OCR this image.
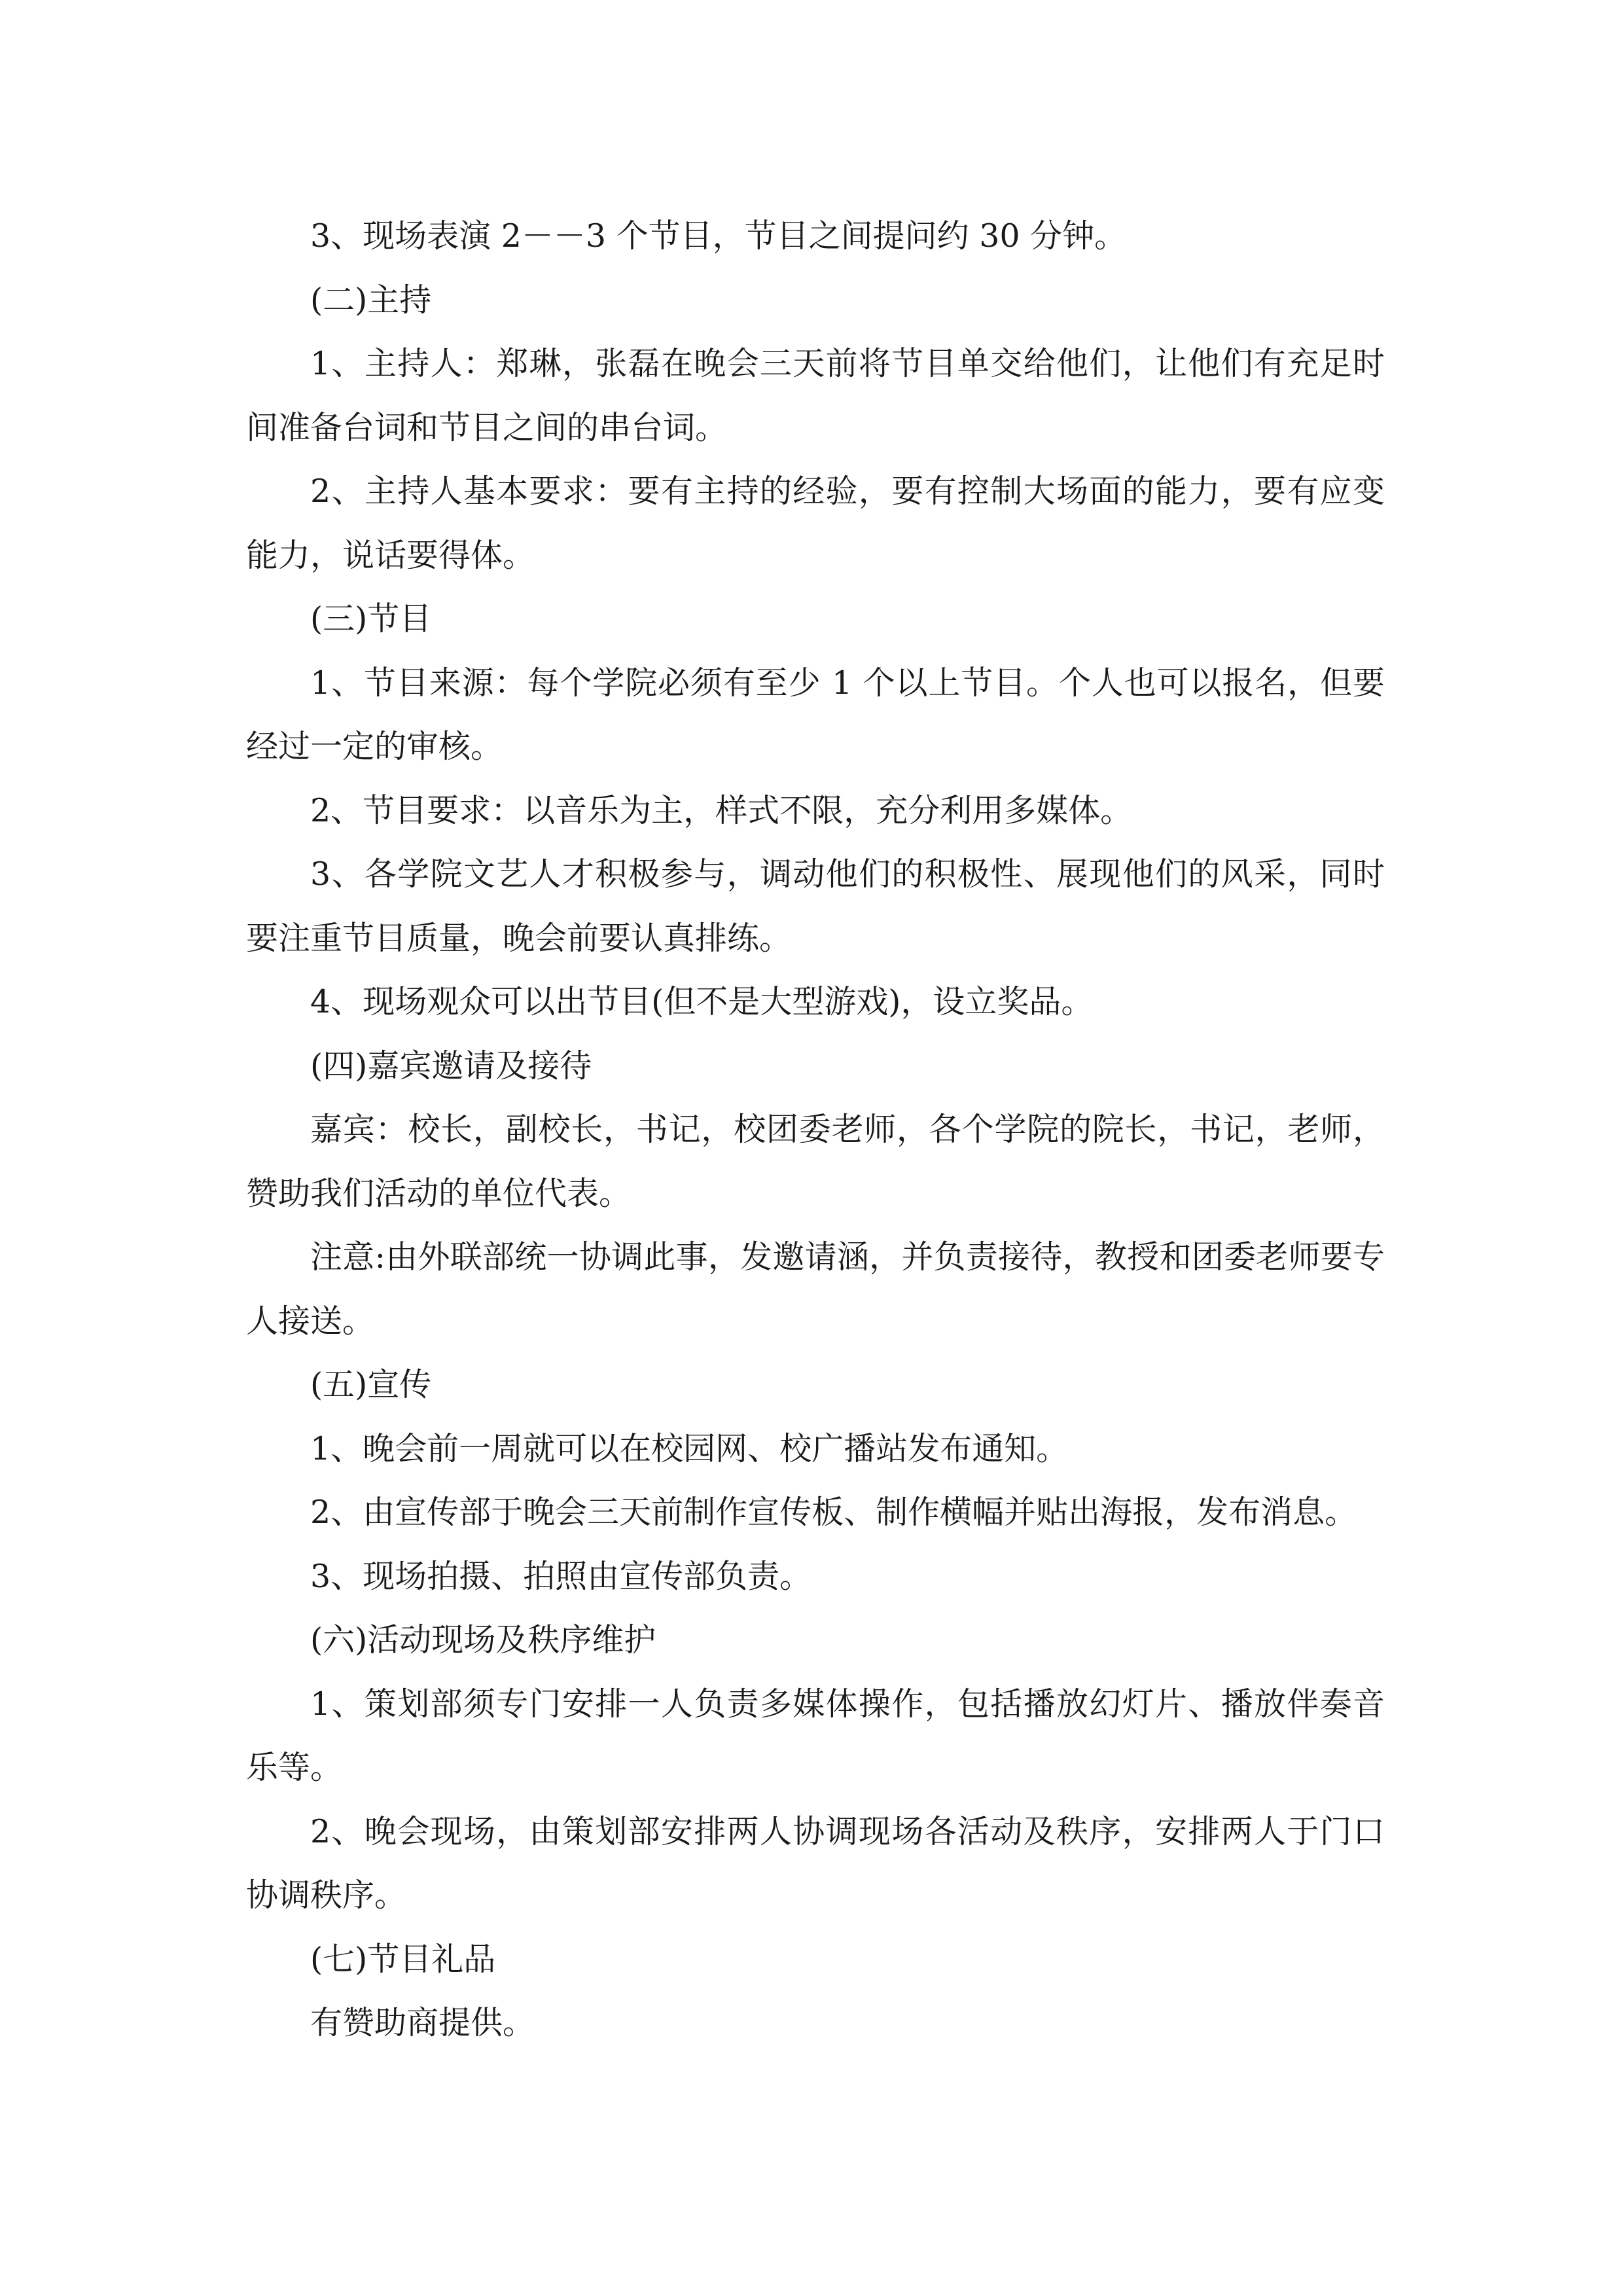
3、现场表演 2－－3 个节目，节目之间提问约 30 分钟。

(二)主持

1、主持人：郑琳，张磊在晚会三天前将节目单交给他们，让他们有充足时间准备台词和节目之间的串台词。

2、主持人基本要求：要有主持的经验，要有控制大场面的能力，要有应变能力，说话要得体。

(三)节目

1、节目来源：每个学院必须有至少 1 个以上节目。个人也可以报名，但要经过一定的审核。

2、节目要求：以音乐为主，样式不限，充分利用多媒体。

3、各学院文艺人才积极参与，调动他们的积极性、展现他们的风采，同时要注重节目质量，晚会前要认真排练。

4、现场观众可以出节目(但不是大型游戏)，设立奖品。

(四)嘉宾邀请及接待

嘉宾：校长，副校长，书记，校团委老师，各个学院的院长，书记，老师，赞助我们活动的单位代表。

注意:由外联部统一协调此事，发邀请涵，并负责接待，教授和团委老师要专人接送。

(五)宣传

1、晚会前一周就可以在校园网、校广播站发布通知。

2、由宣传部于晚会三天前制作宣传板、制作横幅并贴出海报，发布消息。

3、现场拍摄、拍照由宣传部负责。

(六)活动现场及秩序维护

1、策划部须专门安排一人负责多媒体操作，包括播放幻灯片、播放伴奏音乐等。

2、晚会现场，由策划部安排两人协调现场各活动及秩序，安排两人于门口协调秩序。

(七)节目礼品

有赞助商提供。
